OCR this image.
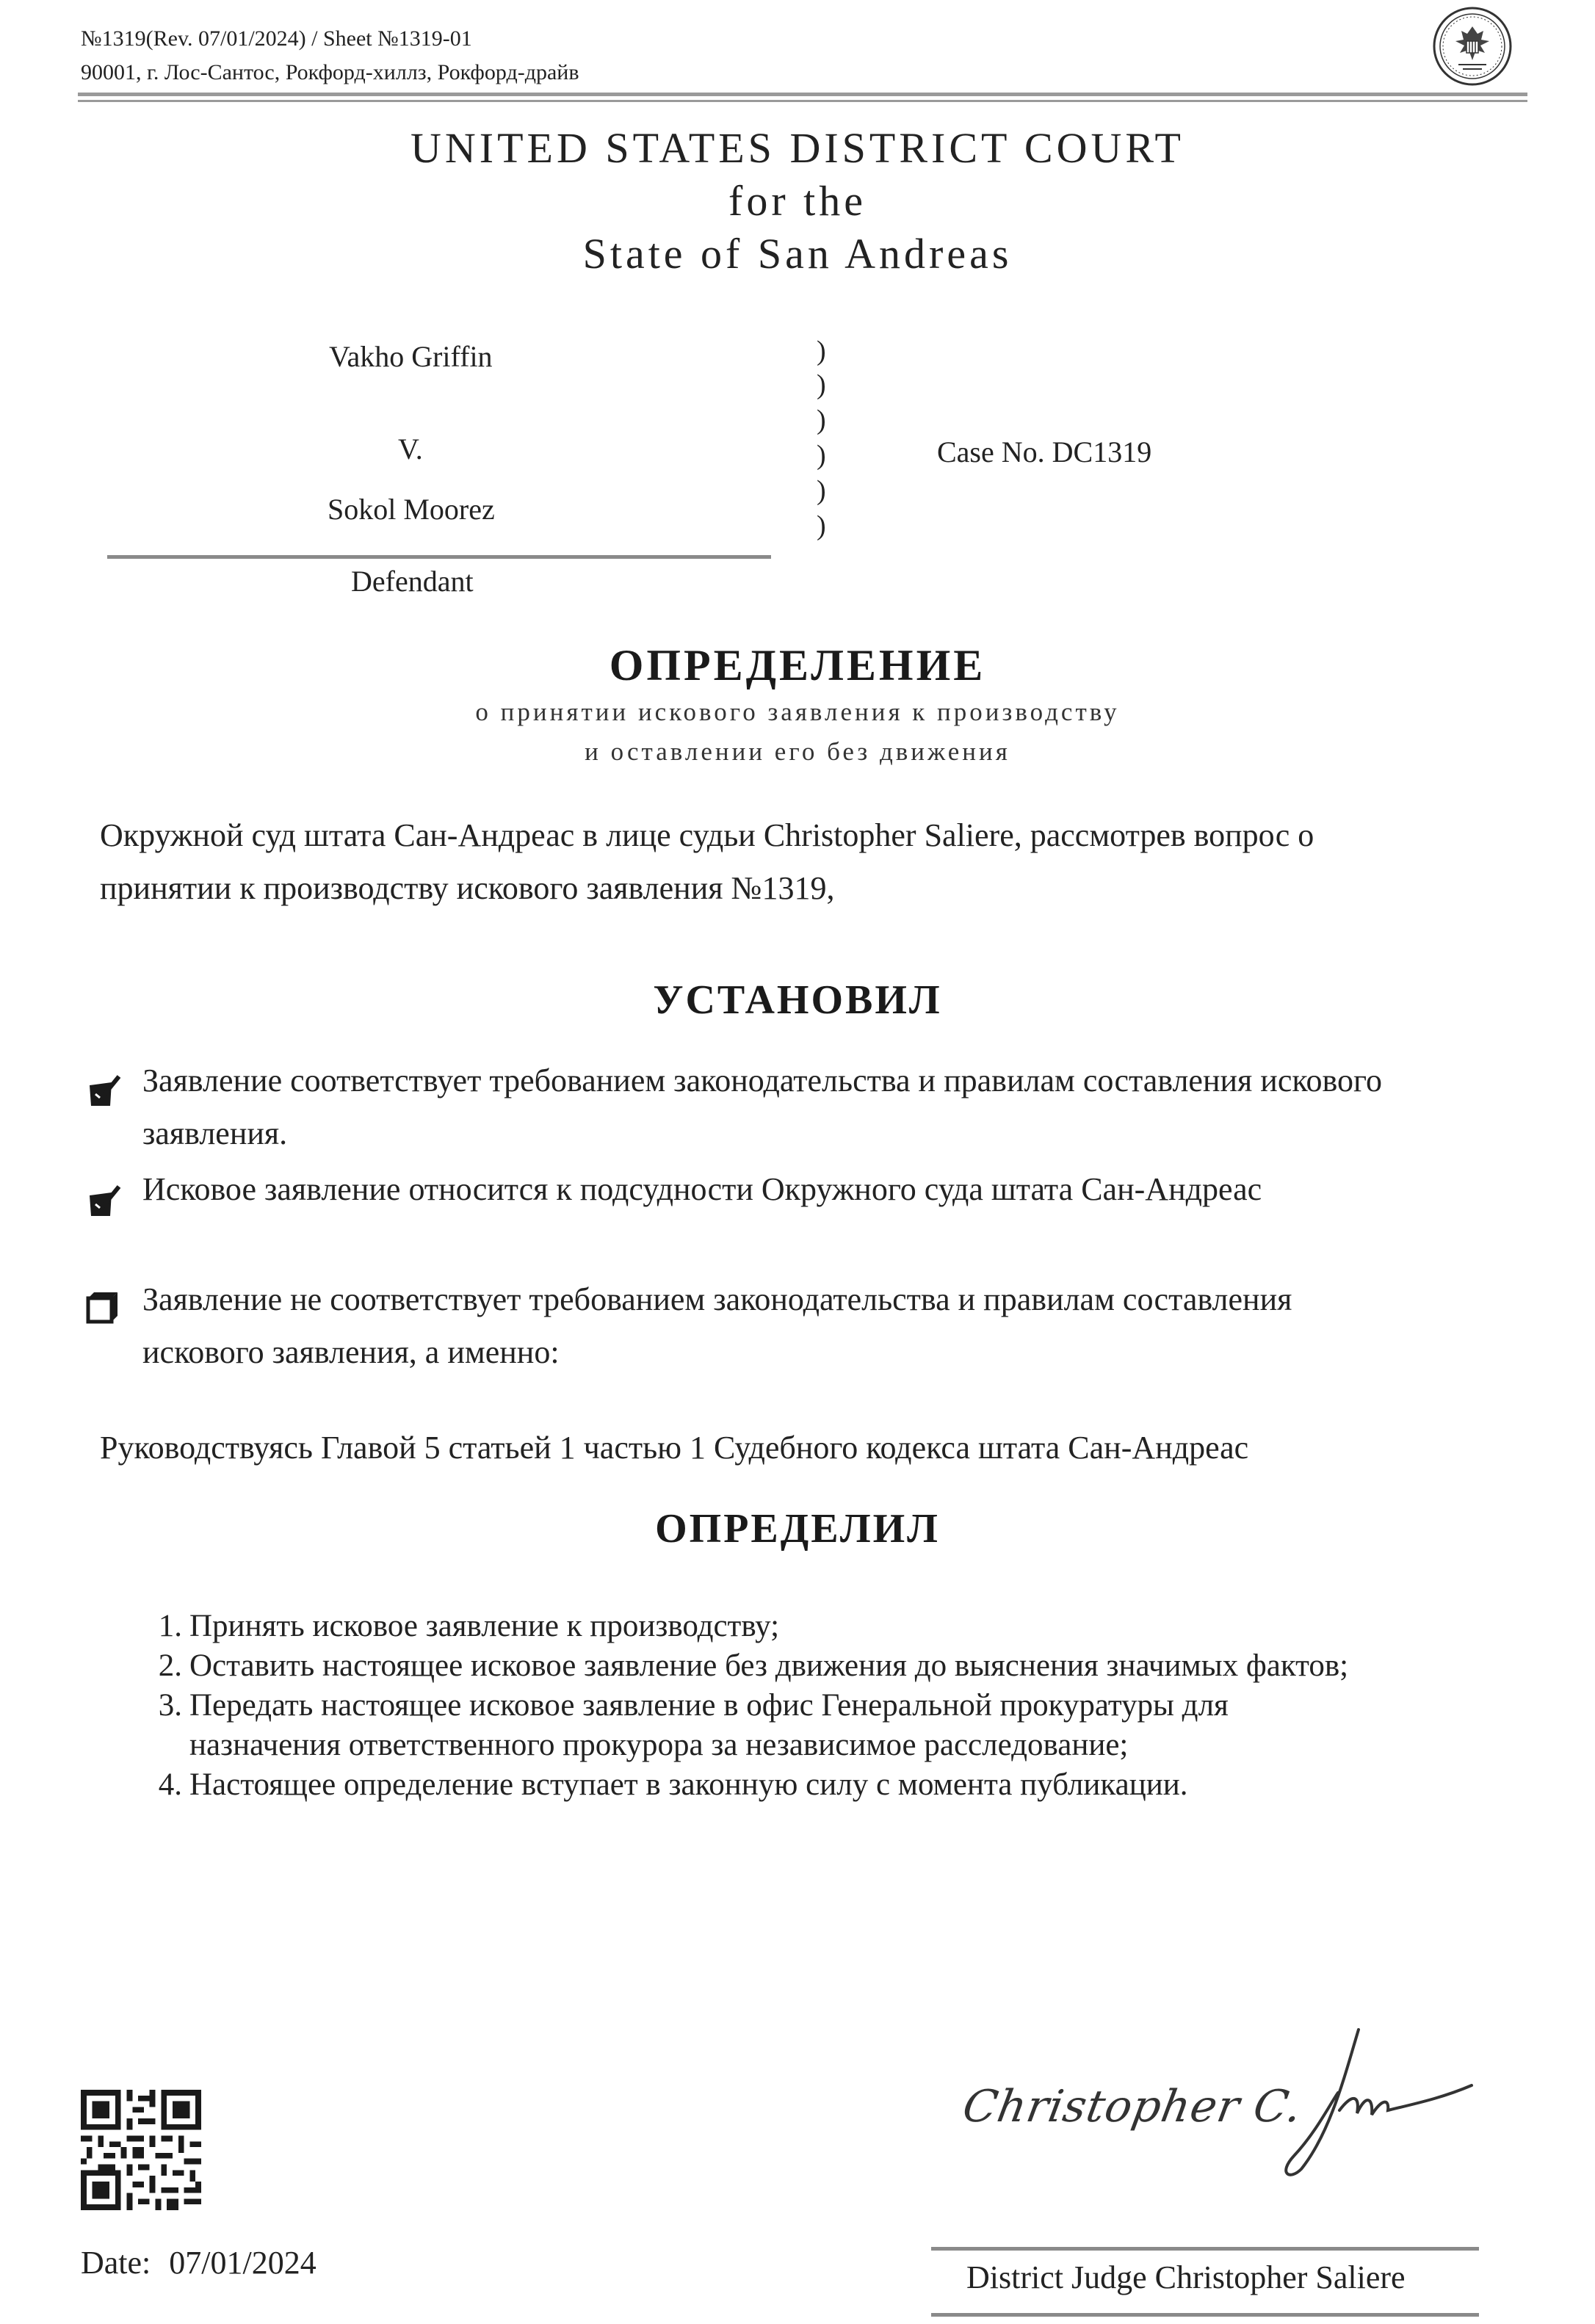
№1319(Rev. 07/01/2024) / Sheet №1319-01
90001, г. Лос-Сантос, Рокфорд-хиллз, Рокфорд-драйв
UNITED STATES DISTRICT COURT
for the
State of San Andreas
Vakho Griffin
V.
Sokol Moorez
Defendant
)
)
)
)
)
)
Case No. DC1319
ОПРЕДЕЛЕНИЕ
о принятии искового заявления к производству
и оставлении его без движения
Окружной суд штата Сан-Андреас в лице судьи Christopher Saliere, рассмотрев вопрос о
принятии к производству искового заявления №1319,
УСТАНОВИЛ
Заявление соответствует требованием законодательства и правилам составления искового
заявления.
Исковое заявление относится к подсудности Окружного суда штата Сан-Андреас
Заявление не соответствует требованием законодательства и правилам составления
искового заявления, а именно:
Руководствуясь Главой 5 статьей 1 частью 1 Судебного кодекса штата Сан-Андреас
ОПРЕДЕЛИЛ
1. Принять исковое заявление к производству;
2. Оставить настоящее исковое заявление без движения до выяснения значимых фактов;
3. Передать настоящее исковое заявление в офис Генеральной прокуратуры для
назначения ответственного прокурора за независимое расследование;
4. Настоящее определение вступает в законную силу с момента публикации.
Date: 07/01/2024
Christopher C.
District Judge Christopher Saliere
